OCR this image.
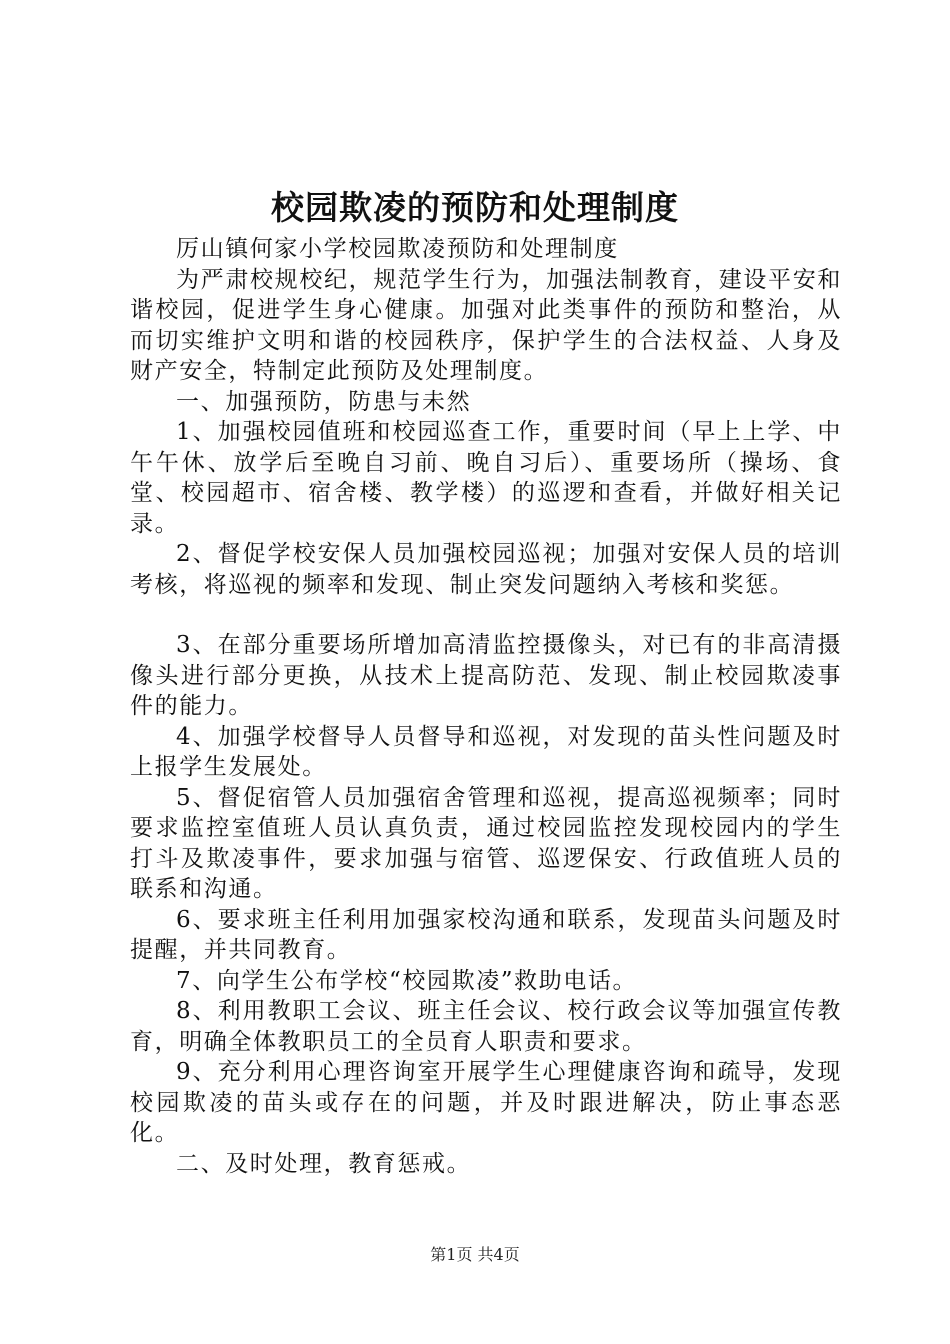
校园欺凌的预防和处理制度

厉山镇何家小学校园欺凌预防和处理制度

为严肃校规校纪，规范学生行为，加强法制教育，建设平安和谐校园，促进学生身心健康。加强对此类事件的预防和整治，从而切实维护文明和谐的校园秩序，保护学生的合法权益、人身及财产安全，特制定此预防及处理制度。

一、加强预防，防患与未然

1、加强校园值班和校园巡查工作，重要时间（早上上学、中午午休、放学后至晚自习前、晚自习后）、重要场所（操场、食堂、校园超市、宿舍楼、教学楼）的巡逻和查看，并做好相关记录。

2、督促学校安保人员加强校园巡视；加强对安保人员的培训考核，将巡视的频率和发现、制止突发问题纳入考核和奖惩。

3、在部分重要场所增加高清监控摄像头，对已有的非高清摄像头进行部分更换，从技术上提高防范、发现、制止校园欺凌事件的能力。

4、加强学校督导人员督导和巡视，对发现的苗头性问题及时上报学生发展处。

5、督促宿管人员加强宿舍管理和巡视，提高巡视频率；同时要求监控室值班人员认真负责，通过校园监控发现校园内的学生打斗及欺凌事件，要求加强与宿管、巡逻保安、行政值班人员的联系和沟通。

6、要求班主任利用加强家校沟通和联系，发现苗头问题及时提醒，并共同教育。

7、向学生公布学校“校园欺凌”救助电话。

8、利用教职工会议、班主任会议、校行政会议等加强宣传教育，明确全体教职员工的全员育人职责和要求。

9、充分利用心理咨询室开展学生心理健康咨询和疏导，发现校园欺凌的苗头或存在的问题，并及时跟进解决，防止事态恶化。

二、及时处理，教育惩戒。

第1页 共4页
